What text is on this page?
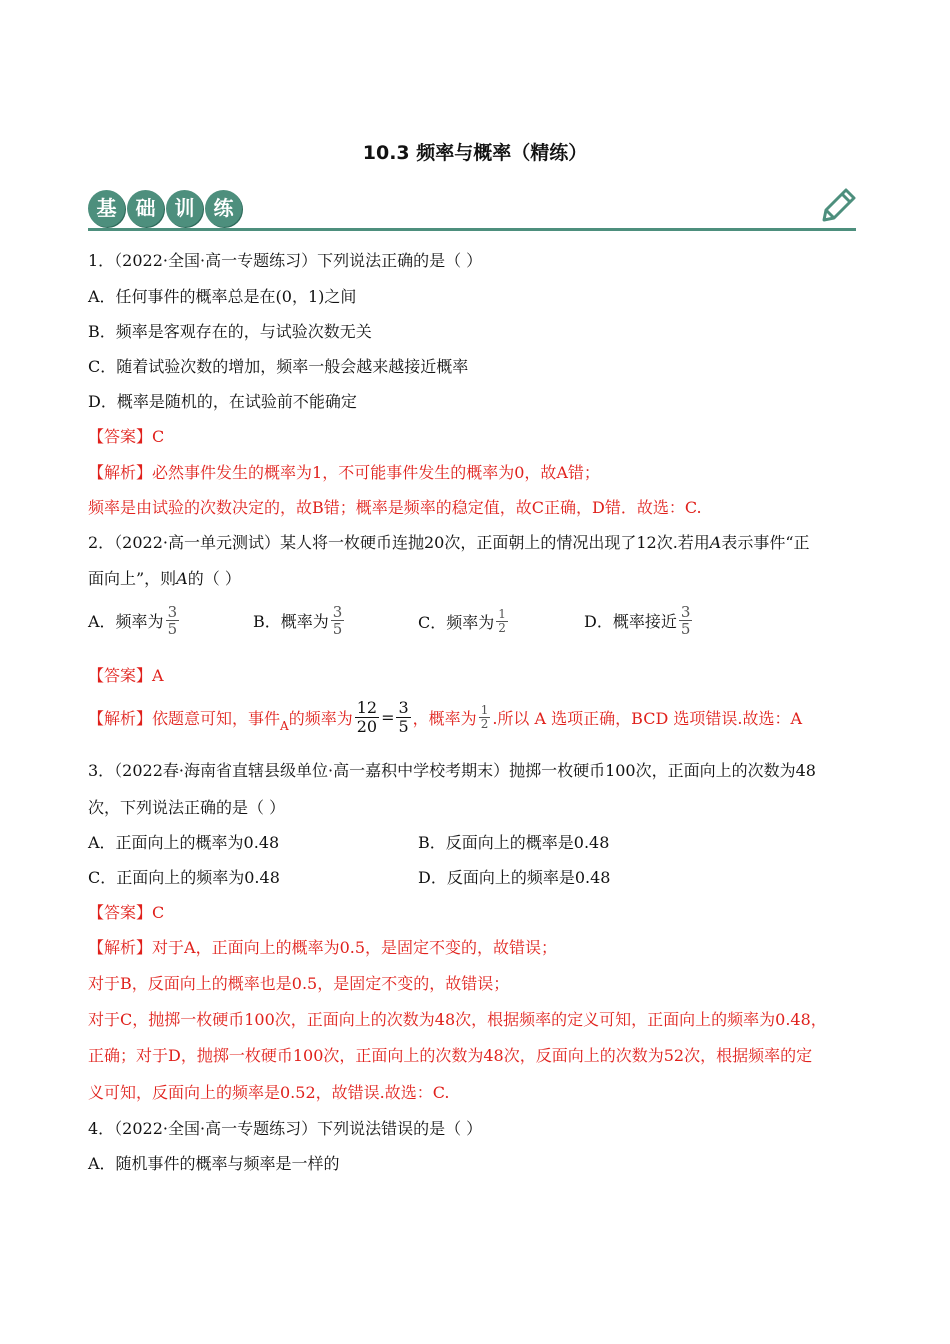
10.3 频率与概率（精练）
基 础 训 练
1．（2022·全国·高一专题练习）下列说法正确的是（ ）
A．任何事件的概率总是在(0，1)之间
B．频率是客观存在的，与试验次数无关
C．随着试验次数的增加，频率一般会越来越接近概率
D．概率是随机的，在试验前不能确定
【答案】C
【解析】必然事件发生的概率为1，不可能事件发生的概率为0，故A错；
频率是由试验的次数决定的，故B错；概率是频率的稳定值，故C正确，D错．故选：C.
2．（2022·高一单元测试）某人将一枚硬币连抛20次，正面朝上的情况出现了12次.若用A表示事件“正
面向上”，则A的（ ）
A．频率为 $\frac{3}{5}$	B．概率为 $\frac{3}{5}$	C．频率为 $\frac{1}{2}$	D．概率接近 $\frac{3}{5}$
【答案】A
【解析】 依题意可知，事件 A 的频率为 $\frac{12}{20} = \frac{3}{5}$ ，概率为 $\frac{1}{2}$ .所以 A 选项正确，BCD 选项错误.故选：A
3．（2022春·海南省直辖县级单位·高一嘉积中学校考期末）抛掷一枚硬币100次，正面向上的次数为48
次，下列说法正确的是（ ）
A．正面向上的概率为0.48	B．反面向上的概率是0.48
C．正面向上的频率为0.48	D．反面向上的频率是0.48
【答案】C
【解析】对于A，正面向上的概率为0.5，是固定不变的，故错误；
对于B，反面向上的概率也是0.5，是固定不变的，故错误；
对于C，抛掷一枚硬币100次，正面向上的次数为48次，根据频率的定义可知，正面向上的频率为0.48，
正确；对于D，抛掷一枚硬币100次，正面向上的次数为48次，反面向上的次数为52次，根据频率的定
义可知，反面向上的频率是0.52，故错误.故选：C.
4．（2022·全国·高一专题练习）下列说法错误的是（ ）
A．随机事件的概率与频率是一样的
